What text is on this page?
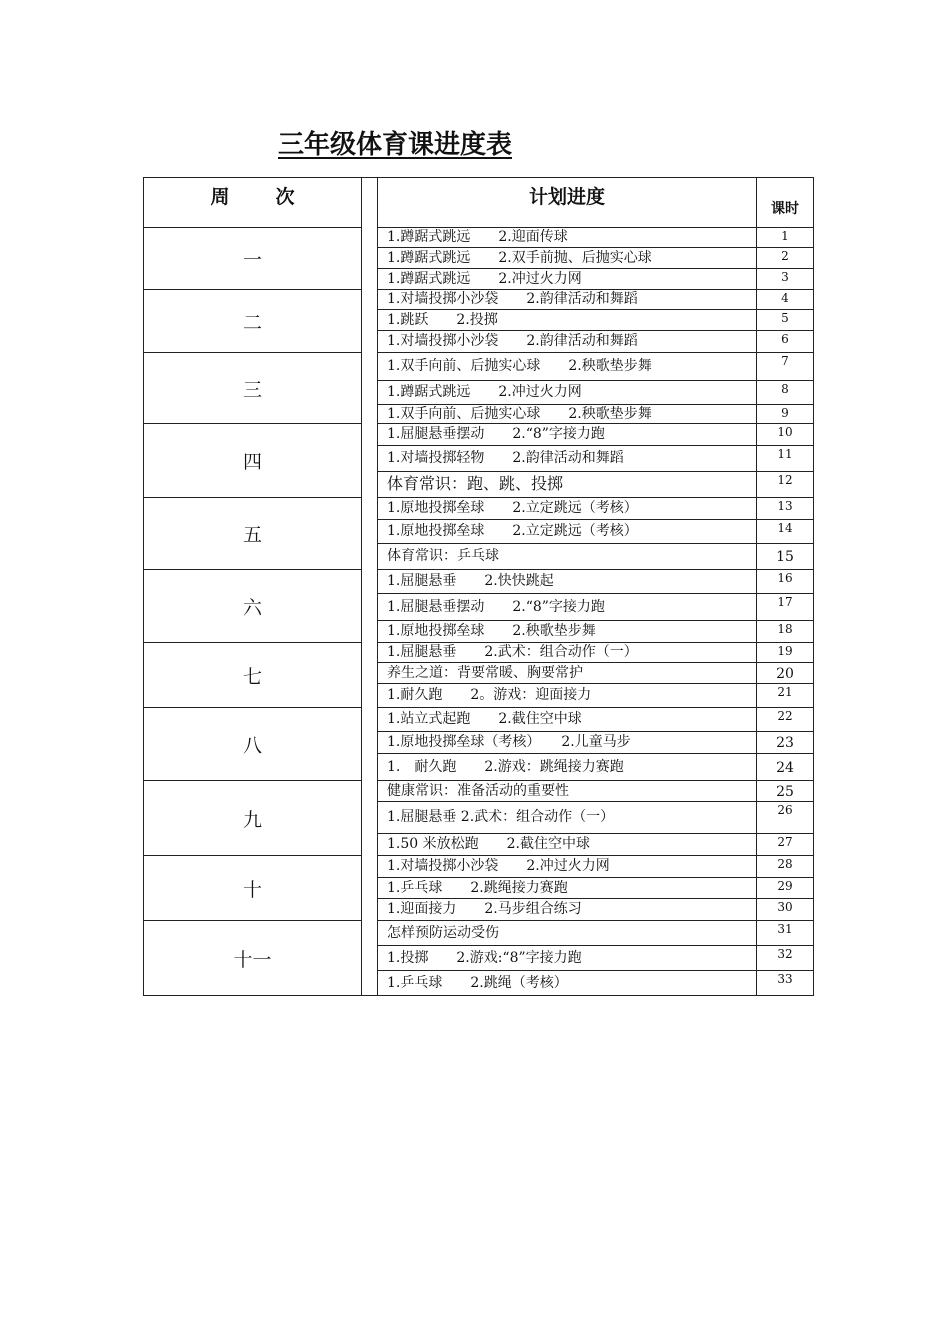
三年级体育课进度表
周 次		计划进度	课时
一		1.蹲踞式跳远　　2.迎面传球	1
		1.蹲踞式跳远　　2.双手前抛、后抛实心球	2
		1.蹲踞式跳远　　2.冲过火力网	3
二		1.对墙投掷小沙袋　　2.韵律活动和舞蹈	4
		1.跳跃　　2.投掷	5
		1.对墙投掷小沙袋　　2.韵律活动和舞蹈	6
三		1.双手向前、后抛实心球　　2.秧歌垫步舞	7
		1.蹲踞式跳远　　2.冲过火力网	8
		1.双手向前、后抛实心球　　2.秧歌垫步舞	9
四		1.屈腿悬垂摆动　　2.“8”字接力跑	10
		1.对墙投掷轻物　　2.韵律活动和舞蹈	11
		体育常识：跑、跳、投掷	12
五		1.原地投掷垒球　　2.立定跳远（考核）	13
		1.原地投掷垒球　　2.立定跳远（考核）	14
		体育常识：乒乓球	15
六		1.屈腿悬垂　　2.快快跳起	16
		1.屈腿悬垂摆动　　2.“8”字接力跑	17
		1.原地投掷垒球　　2.秧歌垫步舞	18
七		1.屈腿悬垂　　2.武术：组合动作（一）	19
		养生之道：背要常暖、胸要常护	20
		1.耐久跑　　2。游戏：迎面接力	21
八		1.站立式起跑　　2.截住空中球	22
		1.原地投掷垒球（考核）　　2.儿童马步	23
		1.　耐久跑　　2.游戏：跳绳接力赛跑	24
九		健康常识：准备活动的重要性	25
		1.屈腿悬垂 2.武术：组合动作（一）	26
		1.50 米放松跑　　2.截住空中球	27
十		1.对墙投掷小沙袋　　2.冲过火力网	28
		1.乒乓球　　2.跳绳接力赛跑	29
		1.迎面接力　　2.马步组合练习	30
十一		怎样预防运动受伤	31
		1.投掷　　2.游戏:“8”字接力跑	32
		1.乒乓球　　2.跳绳（考核）	33
